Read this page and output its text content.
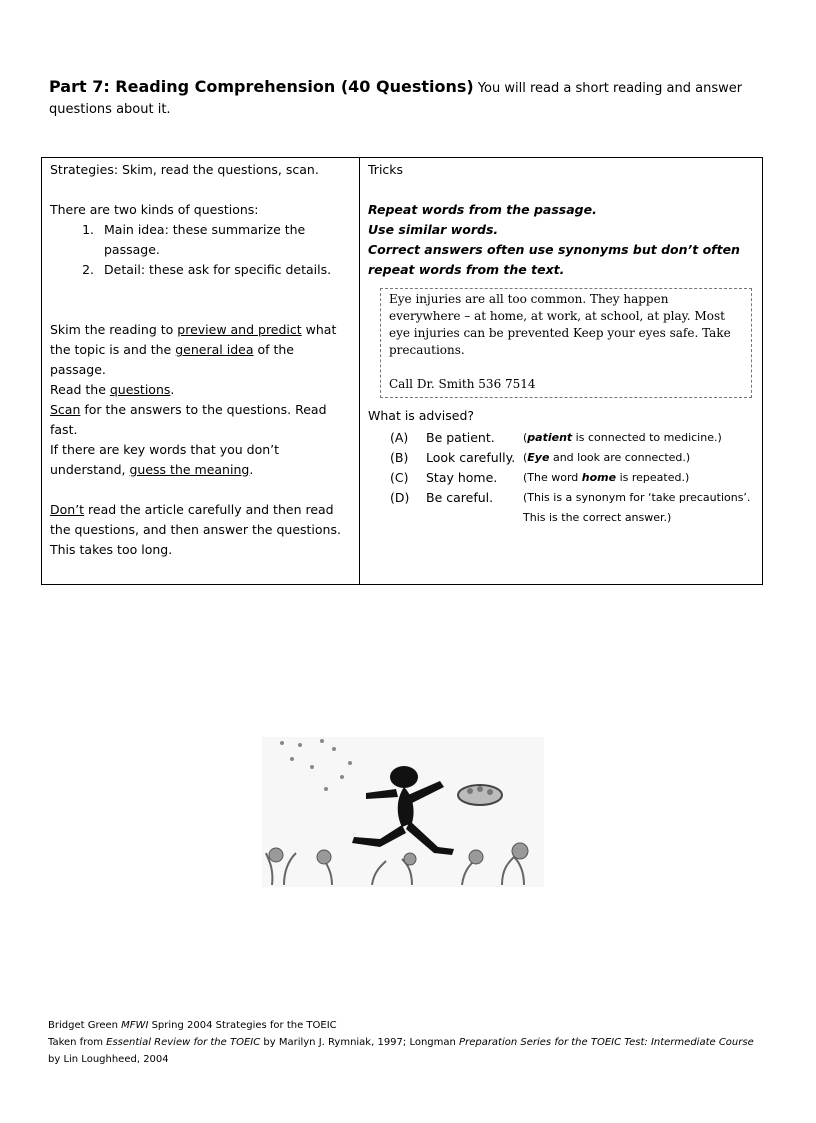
Part 7: Reading Comprehension (40 Questions) You will read a short reading and answer questions about it.

Strategies: Skim, read the questions, scan.

There are two kinds of questions:

1. Main idea: these summarize the passage.
2. Detail: these ask for specific details.

Skim the reading to preview and predict what the topic is and the general idea of the passage.

Read the questions.

Scan for the answers to the questions. Read fast.

If there are key words that you don’t understand, guess the meaning.

Don’t read the article carefully and then read the questions, and then answer the questions. This takes too long.

Tricks

Repeat words from the passage.

Use similar words.

Correct answers often use synonyms but don’t often repeat words from the text.

Eye injuries are all too common. They happen everywhere – at home, at work, at school, at play. Most eye injuries can be prevented Keep your eyes safe. Take precautions.
Call Dr. Smith 536 7514

What is advised?

(A)	Be patient.	(patient is connected to medicine.)
(B)	Look carefully. (Eye and look are connected.)
(C)	Stay home.	(The word home is repeated.)
(D)	Be careful.	(This is a synonym for ‘take precautions’. This is the correct answer.)
Bridget Green MFWI Spring 2004 Strategies for the TOEIC
Taken from Essential Review for the TOEIC by Marilyn J. Rymniak, 1997; Longman Preparation Series for the TOEIC Test: Intermediate Course by Lin Loughheed, 2004
